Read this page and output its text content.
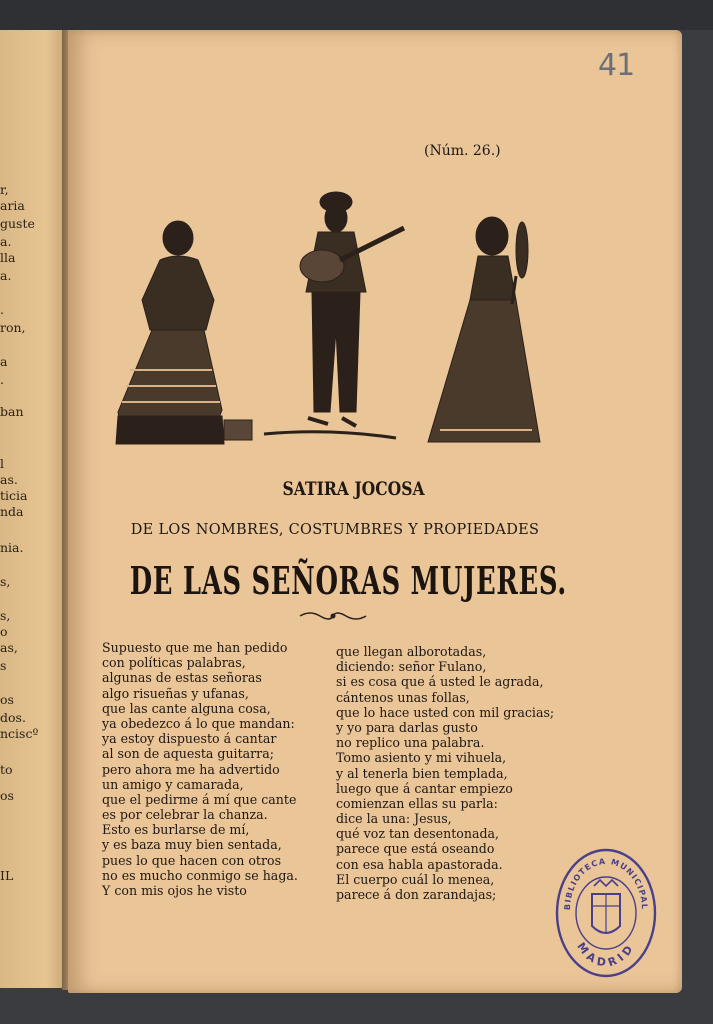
r,
aria
guste
a.
lla
a.
.
ron,
a
.
ban
l
as.
ticia
nda
nia.
s,
s,
o
as,
s
os
dos.
nciscº
to
os
IL
41
(Núm. 26.)
SATIRA JOCOSA
DE LOS NOMBRES, COSTUMBRES Y PROPIEDADES
DE LAS SEÑORAS MUJERES.
Supuesto que me han pedido
con políticas palabras,
algunas de estas señoras
algo risueñas y ufanas,
que las cante alguna cosa,
ya obedezco á lo que mandan:
ya estoy dispuesto á cantar
al son de aquesta guitarra;
pero ahora me ha advertido
un amigo y camarada,
que el pedirme á mí que cante
es por celebrar la chanza.
Esto es burlarse de mí,
y es baza muy bien sentada,
pues lo que hacen con otros
no es mucho conmigo se haga.
Y con mis ojos he visto
que llegan alborotadas,
diciendo: señor Fulano,
si es cosa que á usted le agrada,
cántenos unas follas,
que lo hace usted con mil gracias;
y yo para darlas gusto
no replico una palabra.
Tomo asiento y mi vihuela,
y al tenerla bien templada,
luego que á cantar empiezo
comienzan ellas su parla:
dice la una: Jesus,
qué voz tan desentonada,
parece que está oseando
con esa habla apastorada.
El cuerpo cuál lo menea,
parece á don zarandajas;
BIBLIOTECA MUNICIPAL
MADRID
